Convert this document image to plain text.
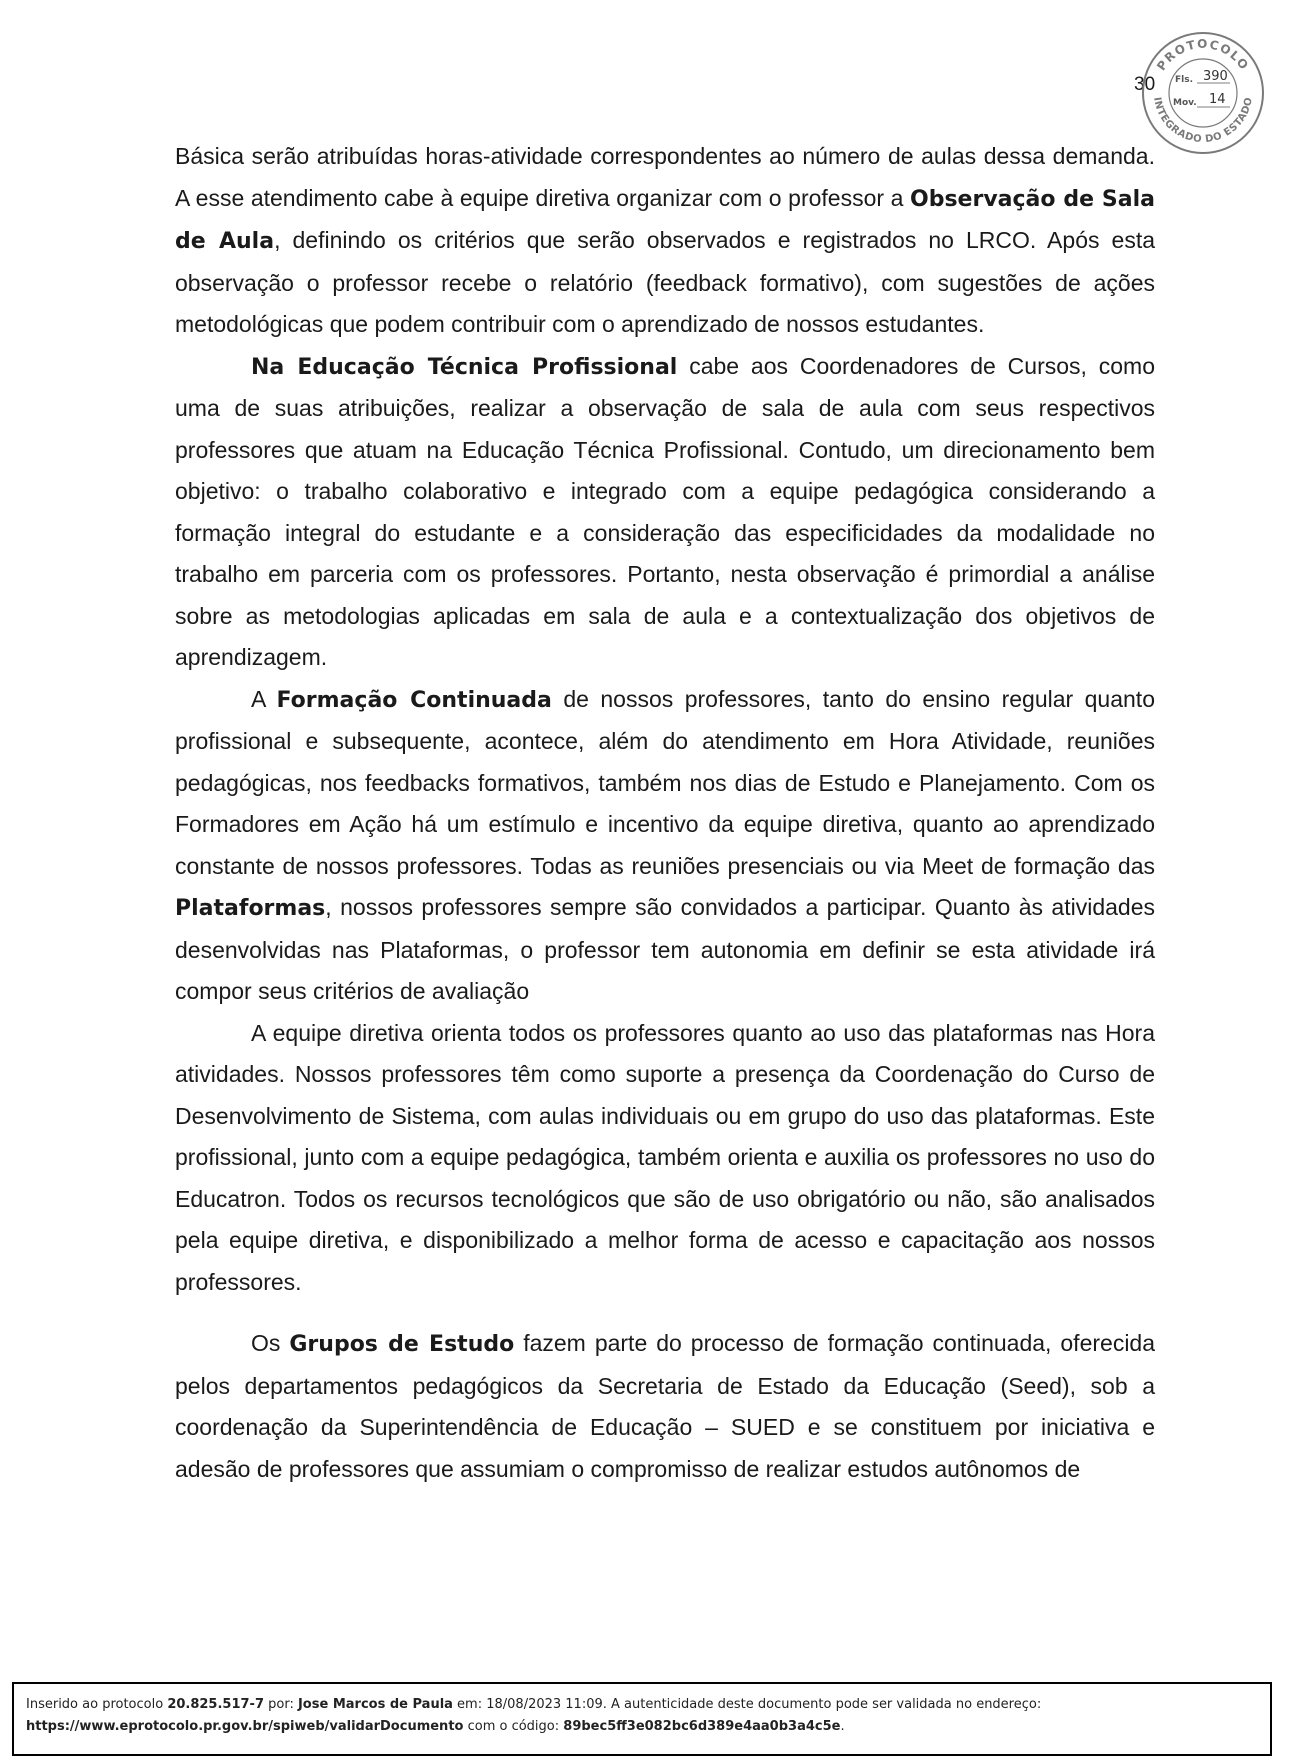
30
PROTOCOLO
INTEGRADO DO ESTADO
Fls. 390
Mov. 14

Básica serão atribuídas horas-atividade correspondentes ao número de aulas dessa demanda. A esse atendimento cabe à equipe diretiva organizar com o professor a Observação de Sala de Aula, definindo os critérios que serão observados e registrados no LRCO. Após esta observação o professor recebe o relatório (feedback formativo), com sugestões de ações metodológicas que podem contribuir com o aprendizado de nossos estudantes.

Na Educação Técnica Profissional cabe aos Coordenadores de Cursos, como uma de suas atribuições, realizar a observação de sala de aula com seus respectivos professores que atuam na Educação Técnica Profissional. Contudo, um direcionamento bem objetivo: o trabalho colaborativo e integrado com a equipe pedagógica considerando a formação integral do estudante e a consideração das especificidades da modalidade no trabalho em parceria com os professores. Portanto, nesta observação é primordial a análise sobre as metodologias aplicadas em sala de aula e a contextualização dos objetivos de aprendizagem.

A Formação Continuada de nossos professores, tanto do ensino regular quanto profissional e subsequente, acontece, além do atendimento em Hora Atividade, reuniões pedagógicas, nos feedbacks formativos, também nos dias de Estudo e Planejamento. Com os Formadores em Ação há um estímulo e incentivo da equipe diretiva, quanto ao aprendizado constante de nossos professores. Todas as reuniões presenciais ou via Meet de formação das Plataformas, nossos professores sempre são convidados a participar. Quanto às atividades desenvolvidas nas Plataformas, o professor tem autonomia em definir se esta atividade irá compor seus critérios de avaliação

A equipe diretiva orienta todos os professores quanto ao uso das plataformas nas Hora atividades. Nossos professores têm como suporte a presença da Coordenação do Curso de Desenvolvimento de Sistema, com aulas individuais ou em grupo do uso das plataformas. Este profissional, junto com a equipe pedagógica, também orienta e auxilia os professores no uso do Educatron. Todos os recursos tecnológicos que são de uso obrigatório ou não, são analisados pela equipe diretiva, e disponibilizado a melhor forma de acesso e capacitação aos nossos professores.

Os Grupos de Estudo fazem parte do processo de formação continuada, oferecida pelos departamentos pedagógicos da Secretaria de Estado da Educação (Seed), sob a coordenação da Superintendência de Educação – SUED e se constituem por iniciativa e adesão de professores que assumiam o compromisso de realizar estudos autônomos de

Inserido ao protocolo 20.825.517-7 por: Jose Marcos de Paula em: 18/08/2023 11:09. A autenticidade deste documento pode ser validada no endereço:
https://www.eprotocolo.pr.gov.br/spiweb/validarDocumento com o código: 89bec5ff3e082bc6d389e4aa0b3a4c5e.
